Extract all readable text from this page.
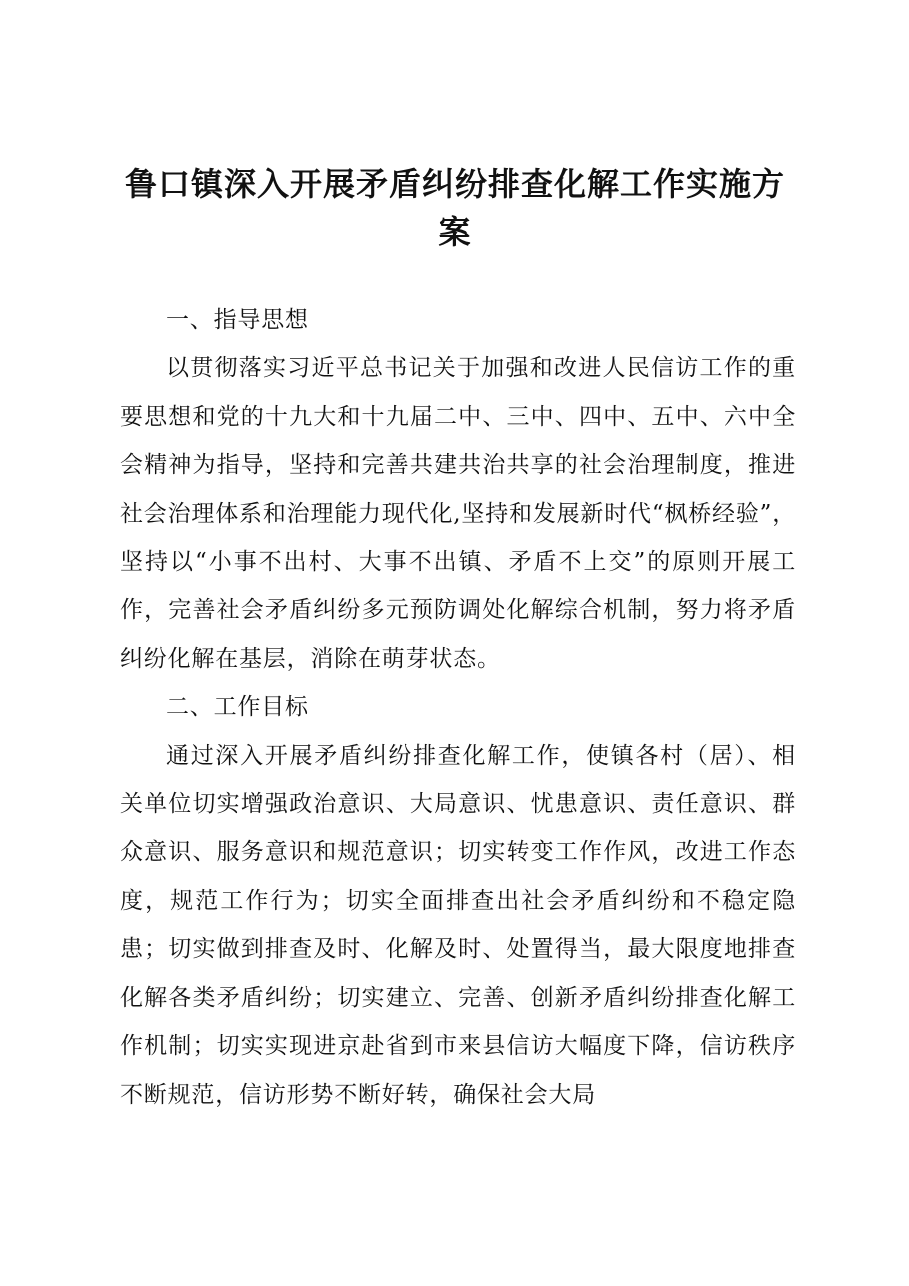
鲁口镇深入开展矛盾纠纷排查化解工作实施方案

一、指导思想

以贯彻落实习近平总书记关于加强和改进人民信访工作的重要思想和党的十九大和十九届二中、三中、四中、五中、六中全会精神为指导，坚持和完善共建共治共享的社会治理制度，推进社会治理体系和治理能力现代化,坚持和发展新时代“枫桥经验”，坚持以“小事不出村、大事不出镇、矛盾不上交”的原则开展工作，完善社会矛盾纠纷多元预防调处化解综合机制，努力将矛盾纠纷化解在基层，消除在萌芽状态。

二、工作目标

通过深入开展矛盾纠纷排查化解工作，使镇各村（居）、相关单位切实增强政治意识、大局意识、忧患意识、责任意识、群众意识、服务意识和规范意识；切实转变工作作风，改进工作态度，规范工作行为；切实全面排查出社会矛盾纠纷和不稳定隐患；切实做到排查及时、化解及时、处置得当，最大限度地排查化解各类矛盾纠纷；切实建立、完善、创新矛盾纠纷排查化解工作机制；切实实现进京赴省到市来县信访大幅度下降，信访秩序不断规范，信访形势不断好转，确保社会大局
